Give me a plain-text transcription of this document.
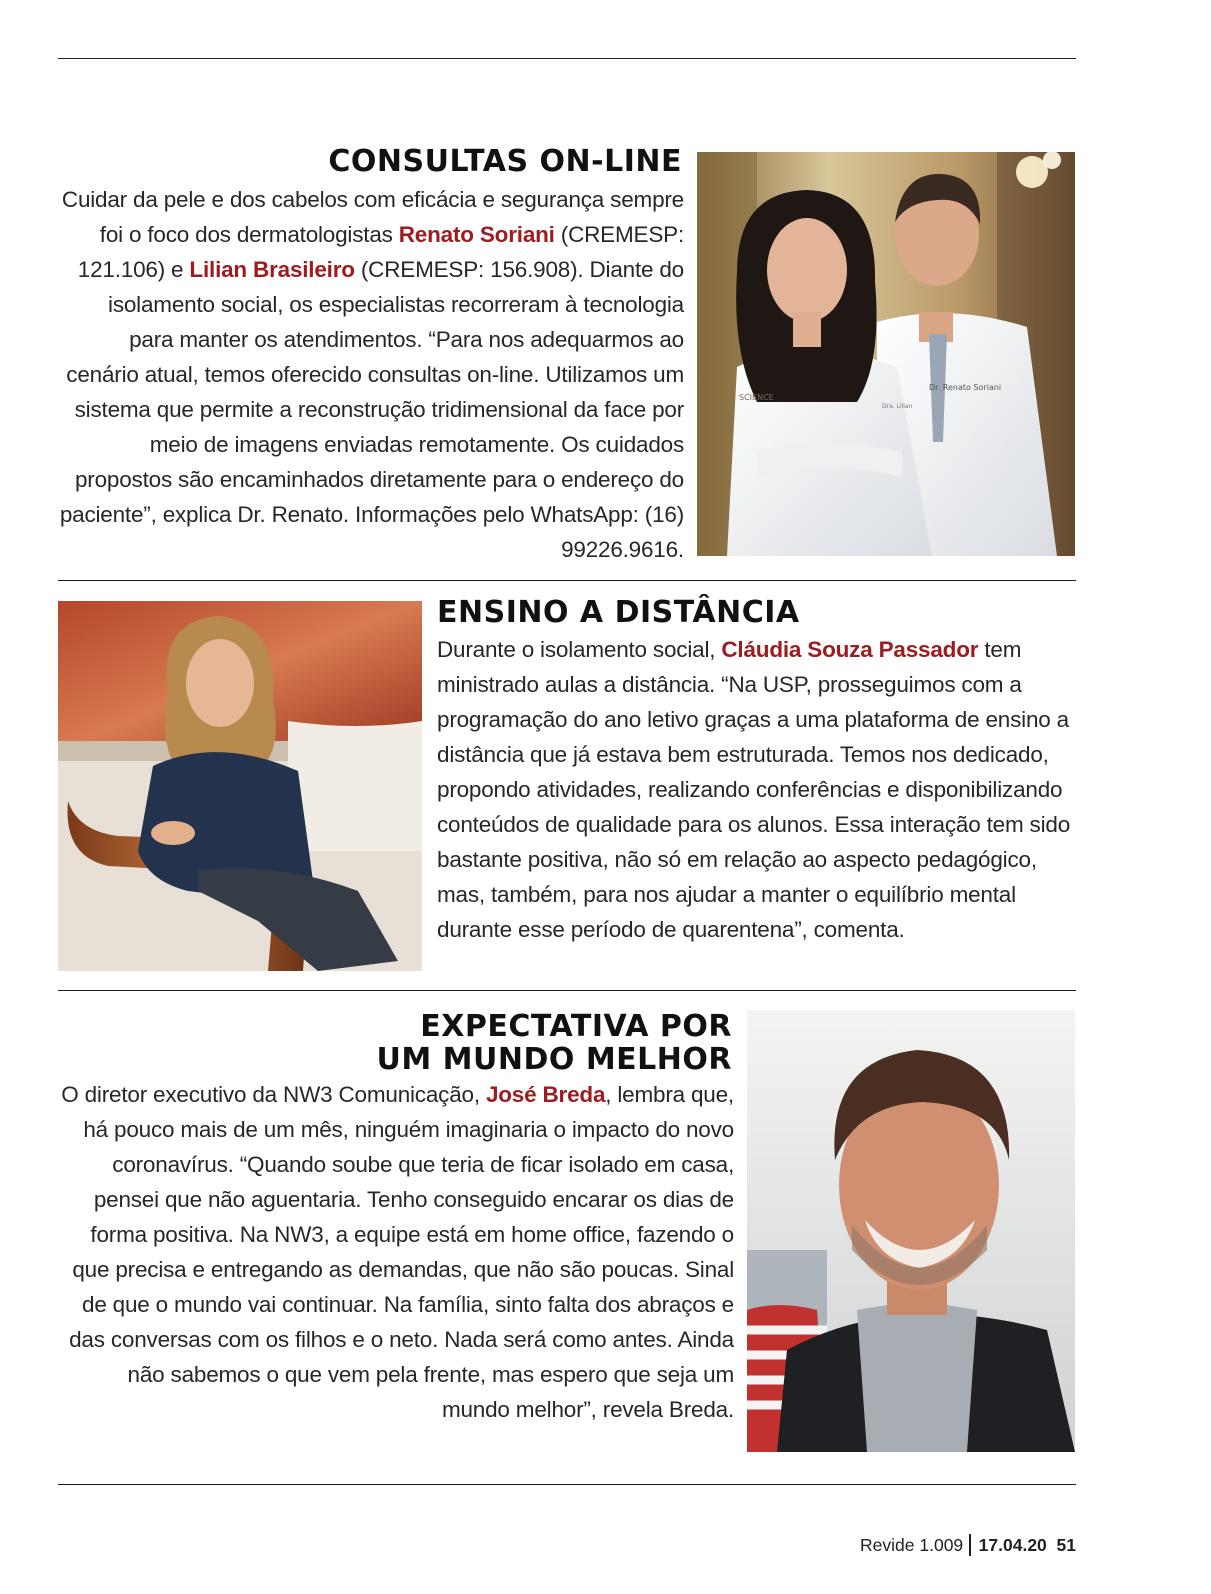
CONSULTAS ON-LINE

Cuidar da pele e dos cabelos com eficácia e segurança sempre foi o foco dos dermatologistas Renato Soriani (CREMESP: 121.106) e Lilian Brasileiro (CREMESP: 156.908). Diante do isolamento social, os especialistas recorreram à tecnologia para manter os atendimentos. “Para nos adequarmos ao cenário atual, temos oferecido consultas on-line. Utilizamos um sistema que permite a reconstrução tridimensional da face por meio de imagens enviadas remotamente. Os cuidados propostos são encaminhados diretamente para o endereço do paciente”, explica Dr. Renato. Informações pelo WhatsApp: (16) 99226.9616.

Dr. Renato Soriani
Dra. Lilian
SCIENCE
ENSINO A DISTÂNCIA

Durante o isolamento social, Cláudia Souza Passador tem ministrado aulas a distância. “Na USP, prosseguimos com a programação do ano letivo graças a uma plataforma de ensino a distância que já estava bem estruturada. Temos nos dedicado, propondo atividades, realizando conferências e disponibilizando conteúdos de qualidade para os alunos. Essa interação tem sido bastante positiva, não só em relação ao aspecto pedagógico, mas, também, para nos ajudar a manter o equilíbrio mental durante esse período de quarentena”, comenta.

EXPECTATIVA POR
UM MUNDO MELHOR

O diretor executivo da NW3 Comunicação, José Breda, lembra que, há pouco mais de um mês, ninguém imaginaria o impacto do novo coronavírus. “Quando soube que teria de ficar isolado em casa, pensei que não aguentaria. Tenho conseguido encarar os dias de forma positiva. Na NW3, a equipe está em home office, fazendo o que precisa e entregando as demandas, que não são poucas. Sinal de que o mundo vai continuar. Na família, sinto falta dos abraços e das conversas com os filhos e o neto. Nada será como antes. Ainda não sabemos o que vem pela frente, mas espero que seja um mundo melhor”, revela Breda.

Revide 1.009 17.04.20 51
